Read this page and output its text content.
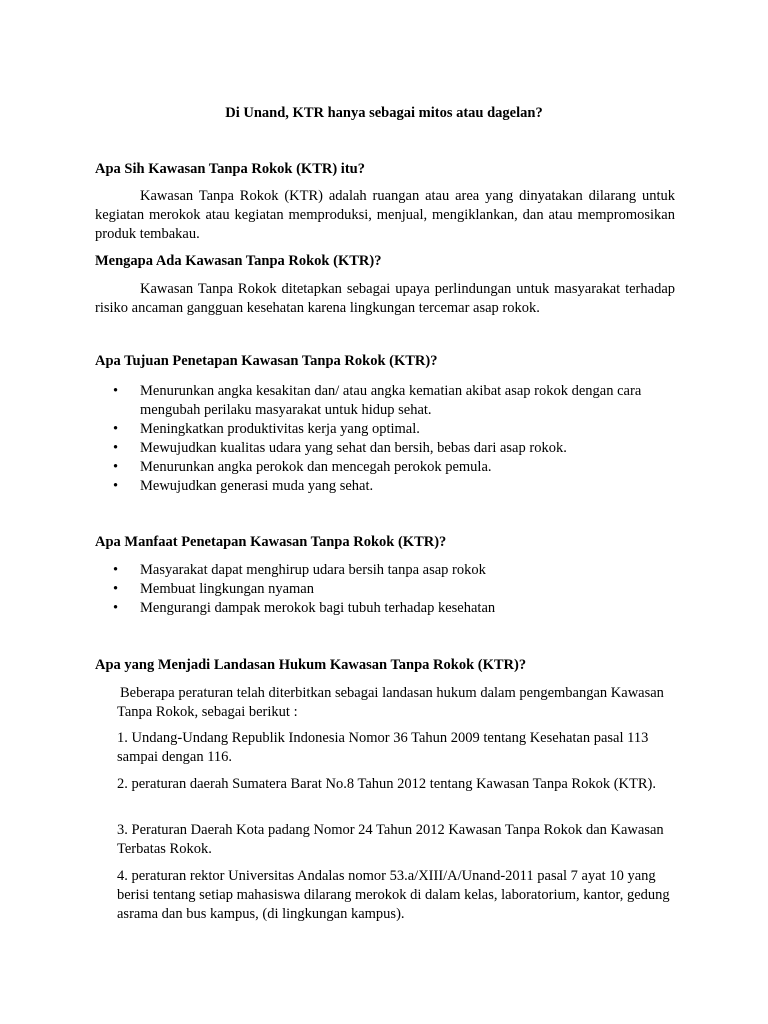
Di Unand, KTR hanya sebagai mitos atau dagelan?
Apa Sih Kawasan Tanpa Rokok (KTR) itu?
Kawasan Tanpa Rokok (KTR) adalah ruangan atau area yang dinyatakan dilarang untuk kegiatan merokok atau kegiatan memproduksi, menjual, mengiklankan, dan atau mempromosikan produk tembakau.
Mengapa Ada Kawasan Tanpa Rokok (KTR)?
Kawasan Tanpa Rokok ditetapkan sebagai upaya perlindungan untuk masyarakat terhadap risiko ancaman gangguan kesehatan karena lingkungan tercemar asap rokok.
Apa Tujuan Penetapan Kawasan Tanpa Rokok (KTR)?
• Menurunkan angka kesakitan dan/ atau angka kematian akibat asap rokok dengan cara mengubah perilaku masyarakat untuk hidup sehat.
• Meningkatkan produktivitas kerja yang optimal.
• Mewujudkan kualitas udara yang sehat dan bersih, bebas dari asap rokok.
• Menurunkan angka perokok dan mencegah perokok pemula.
• Mewujudkan generasi muda yang sehat.
Apa Manfaat Penetapan Kawasan Tanpa Rokok (KTR)?
• Masyarakat dapat menghirup udara bersih tanpa asap rokok
• Membuat lingkungan nyaman
• Mengurangi dampak merokok bagi tubuh terhadap kesehatan
Apa yang Menjadi Landasan Hukum Kawasan Tanpa Rokok (KTR)?
Beberapa peraturan telah diterbitkan sebagai landasan hukum dalam pengembangan Kawasan Tanpa Rokok, sebagai berikut :
1. Undang-Undang Republik Indonesia Nomor 36 Tahun 2009 tentang Kesehatan pasal 113 sampai dengan 116.
2. peraturan daerah Sumatera Barat No.8 Tahun 2012 tentang Kawasan Tanpa Rokok (KTR).
3. Peraturan Daerah Kota padang Nomor 24 Tahun 2012 Kawasan Tanpa Rokok dan Kawasan Terbatas Rokok.
4. peraturan rektor Universitas Andalas nomor 53.a/XIII/A/Unand-2011 pasal 7 ayat 10 yang berisi tentang setiap mahasiswa dilarang merokok di dalam kelas, laboratorium, kantor, gedung asrama dan bus kampus, (di lingkungan kampus).
